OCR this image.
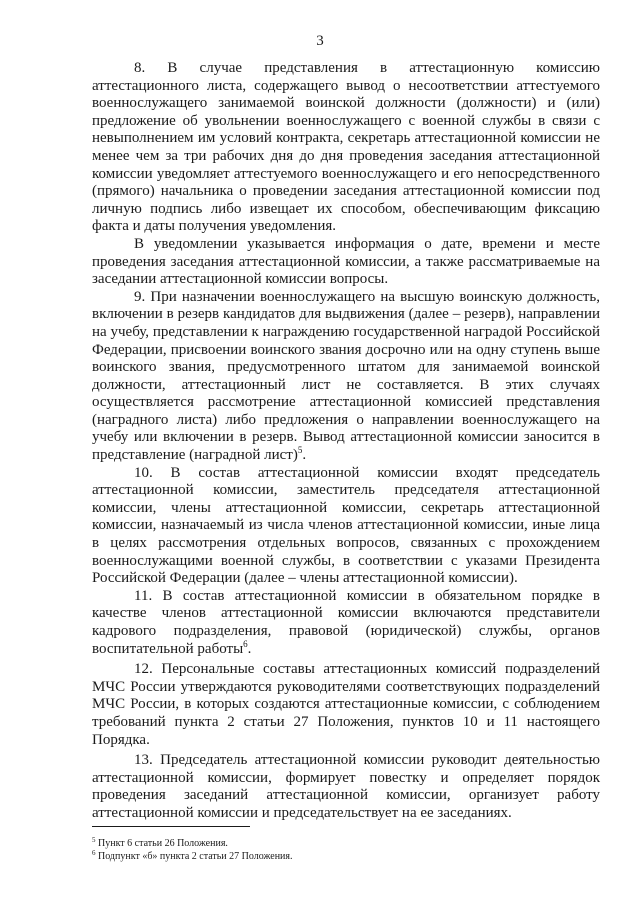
3

8. В случае представления в аттестационную комиссию аттестационного листа, содержащего вывод о несоответствии аттестуемого военнослужащего занимаемой воинской должности (должности) и (или) предложение об увольнении военнослужащего с военной службы в связи с невыполнением им условий контракта, секретарь аттестационной комиссии не менее чем за три рабочих дня до дня проведения заседания аттестационной комиссии уведомляет аттестуемого военнослужащего и его непосредственного (прямого) начальника о проведении заседания аттестационной комиссии под личную подпись либо извещает их способом, обеспечивающим фиксацию факта и даты получения уведомления.

В уведомлении указывается информация о дате, времени и месте проведения заседания аттестационной комиссии, а также рассматриваемые на заседании аттестационной комиссии вопросы.

9. При назначении военнослужащего на высшую воинскую должность, включении в резерв кандидатов для выдвижения (далее – резерв), направлении на учебу, представлении к награждению государственной наградой Российской Федерации, присвоении воинского звания досрочно или на одну ступень выше воинского звания, предусмотренного штатом для занимаемой воинской должности, аттестационный лист не составляется. В этих случаях осуществляется рассмотрение аттестационной комиссией представления (наградного листа) либо предложения о направлении военнослужащего на учебу или включении в резерв. Вывод аттестационной комиссии заносится в представление (наградной лист)$^5$.

10. В состав аттестационной комиссии входят председатель аттестационной комиссии, заместитель председателя аттестационной комиссии, члены аттестационной комиссии, секретарь аттестационной комиссии, назначаемый из числа членов аттестационной комиссии, иные лица в целях рассмотрения отдельных вопросов, связанных с прохождением военнослужащими военной службы, в соответствии с указами Президента Российской Федерации (далее – члены аттестационной комиссии).

11. В состав аттестационной комиссии в обязательном порядке в качестве членов аттестационной комиссии включаются представители кадрового подразделения, правовой (юридической) службы, органов воспитательной работы$^6$.

12. Персональные составы аттестационных комиссий подразделений МЧС России утверждаются руководителями соответствующих подразделений МЧС России, в которых создаются аттестационные комиссии, с соблюдением требований пункта 2 статьи 27 Положения, пунктов 10 и 11 настоящего Порядка.

13. Председатель аттестационной комиссии руководит деятельностью аттестационной комиссии, формирует повестку и определяет порядок проведения заседаний аттестационной комиссии, организует работу аттестационной комиссии и председательствует на ее заседаниях.

$^5$ Пункт 6 статьи 26 Положения.
$^6$ Подпункт «б» пункта 2 статьи 27 Положения.
